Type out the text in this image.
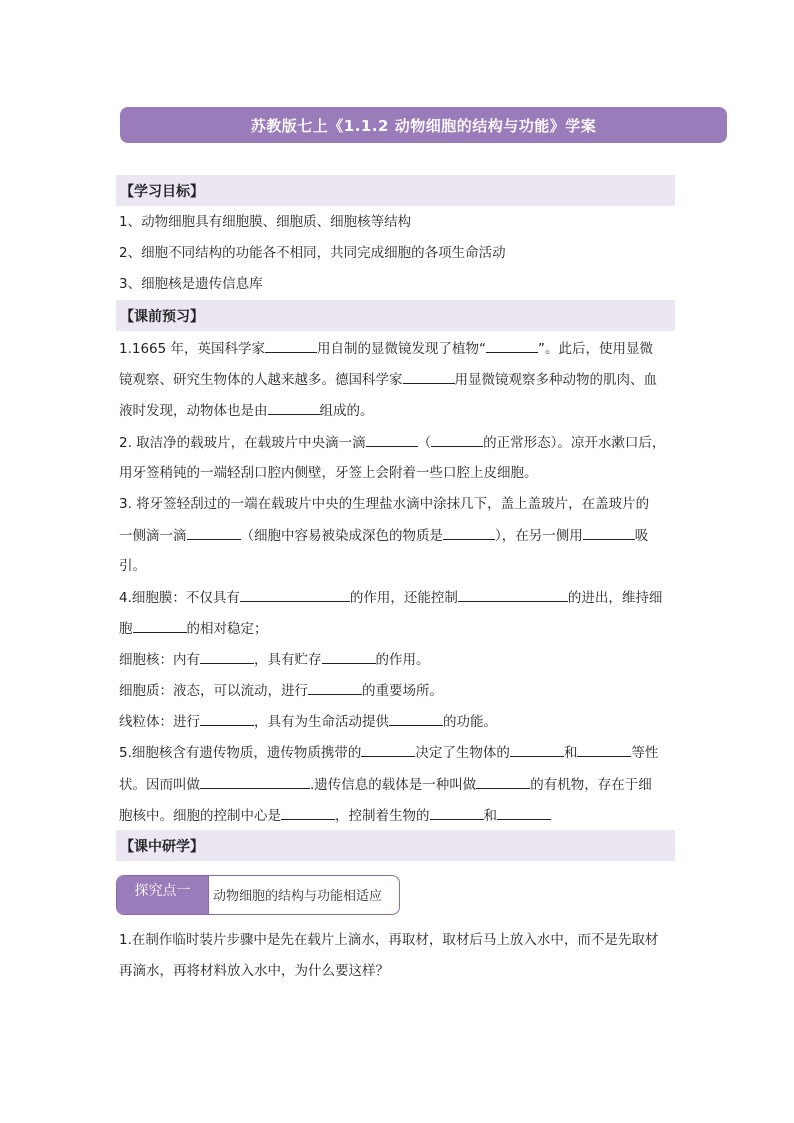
苏教版七上《1.1.2 动物细胞的结构与功能》学案
【学习目标】
1、动物细胞具有细胞膜、细胞质、细胞核等结构
2、细胞不同结构的功能各不相同，共同完成细胞的各项生命活动
3、细胞核是遗传信息库
【课前预习】
1.1665 年，英国科学家	用自制的显微镜发现了植物“	”。此后，使用显微
镜观察、研究生物体的人越来越多。德国科学家	用显微镜观察多种动物的肌肉、血
液时发现，动物体也是由	组成的。
2. 取洁净的载玻片，在载玻片中央滴一滴	（	的正常形态）。凉开水漱口后，
用牙签稍钝的一端轻刮口腔内侧壁，牙签上会附着一些口腔上皮细胞。
3. 将牙签轻刮过的一端在载玻片中央的生理盐水滴中涂抹几下，盖上盖玻片，在盖玻片的
一侧滴一滴	（细胞中容易被染成深色的物质是	），在另一侧用	吸
引。
4.细胞膜：不仅具有	的作用，还能控制	的进出，维持细
胞	的相对稳定；
细胞核：内有	，具有贮存	的作用。
细胞质：液态，可以流动，进行	的重要场所。
线粒体：进行	，具有为生命活动提供	的功能。
5.细胞核含有遗传物质，遗传物质携带的	决定了生物体的	和	等性
状。因而叫做	.遗传信息的载体是一种叫做	的有机物，存在于细
胞核中。细胞的控制中心是	，控制着生物的	和
【课中研学】
探究点一	动物细胞的结构与功能相适应
1.在制作临时装片步骤中是先在载片上滴水，再取材，取材后马上放入水中，而不是先取材
再滴水，再将材料放入水中，为什么要这样？
